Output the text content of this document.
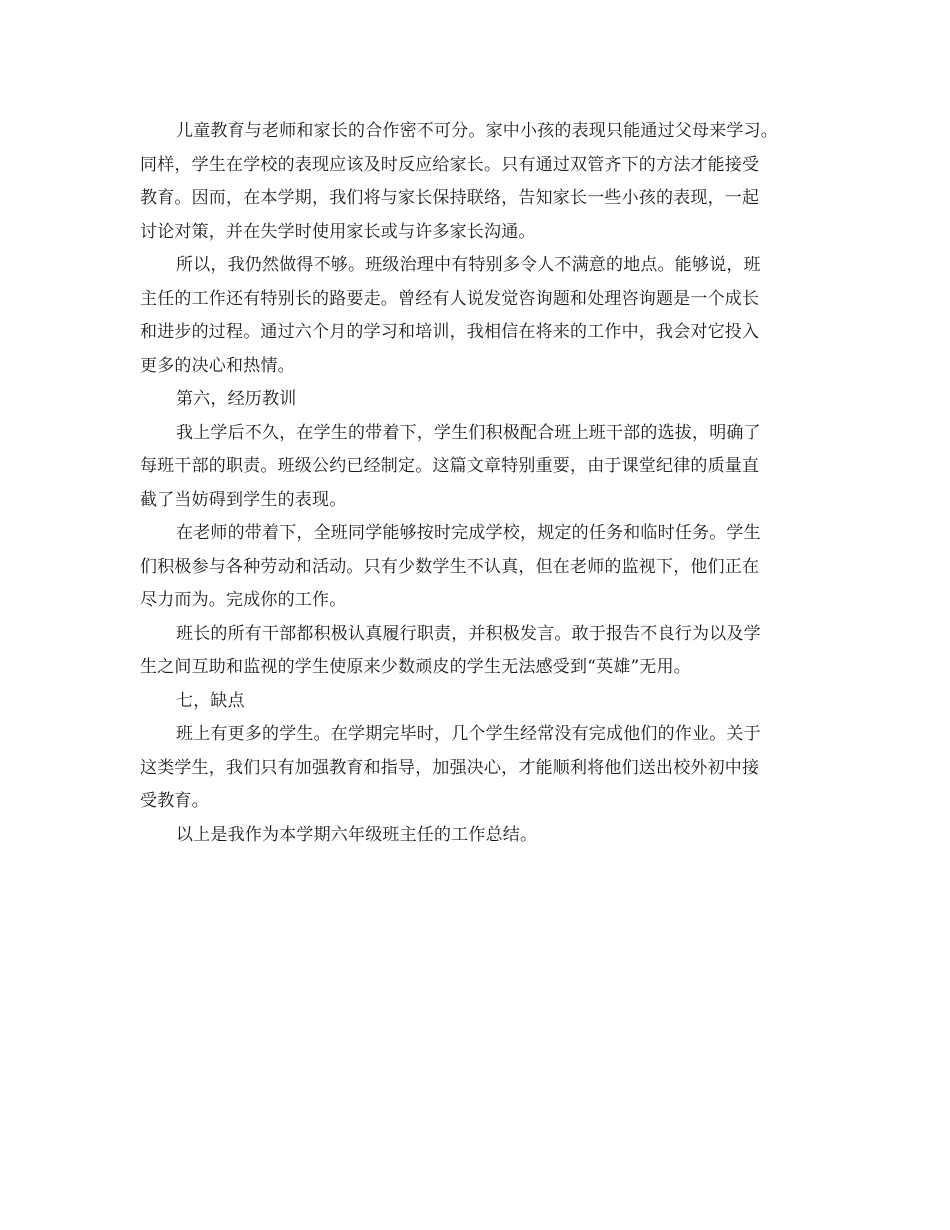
儿童教育与老师和家长的合作密不可分。家中小孩的表现只能通过父母来学习。
同样，学生在学校的表现应该及时反应给家长。只有通过双管齐下的方法才能接受
教育。因而，在本学期，我们将与家长保持联络，告知家长一些小孩的表现，一起
讨论对策，并在失学时使用家长或与许多家长沟通。
所以，我仍然做得不够。班级治理中有特别多令人不满意的地点。能够说，班
主任的工作还有特别长的路要走。曾经有人说发觉咨询题和处理咨询题是一个成长
和进步的过程。通过六个月的学习和培训，我相信在将来的工作中，我会对它投入
更多的决心和热情。
第六，经历教训
我上学后不久，在学生的带着下，学生们积极配合班上班干部的选拔，明确了
每班干部的职责。班级公约已经制定。这篇文章特别重要，由于课堂纪律的质量直
截了当妨碍到学生的表现。
在老师的带着下，全班同学能够按时完成学校，规定的任务和临时任务。学生
们积极参与各种劳动和活动。只有少数学生不认真，但在老师的监视下，他们正在
尽力而为。完成你的工作。
班长的所有干部都积极认真履行职责，并积极发言。敢于报告不良行为以及学
生之间互助和监视的学生使原来少数顽皮的学生无法感受到“英雄”无用。
七，缺点
班上有更多的学生。在学期完毕时，几个学生经常没有完成他们的作业。关于
这类学生，我们只有加强教育和指导，加强决心，才能顺利将他们送出校外初中接
受教育。
以上是我作为本学期六年级班主任的工作总结。
